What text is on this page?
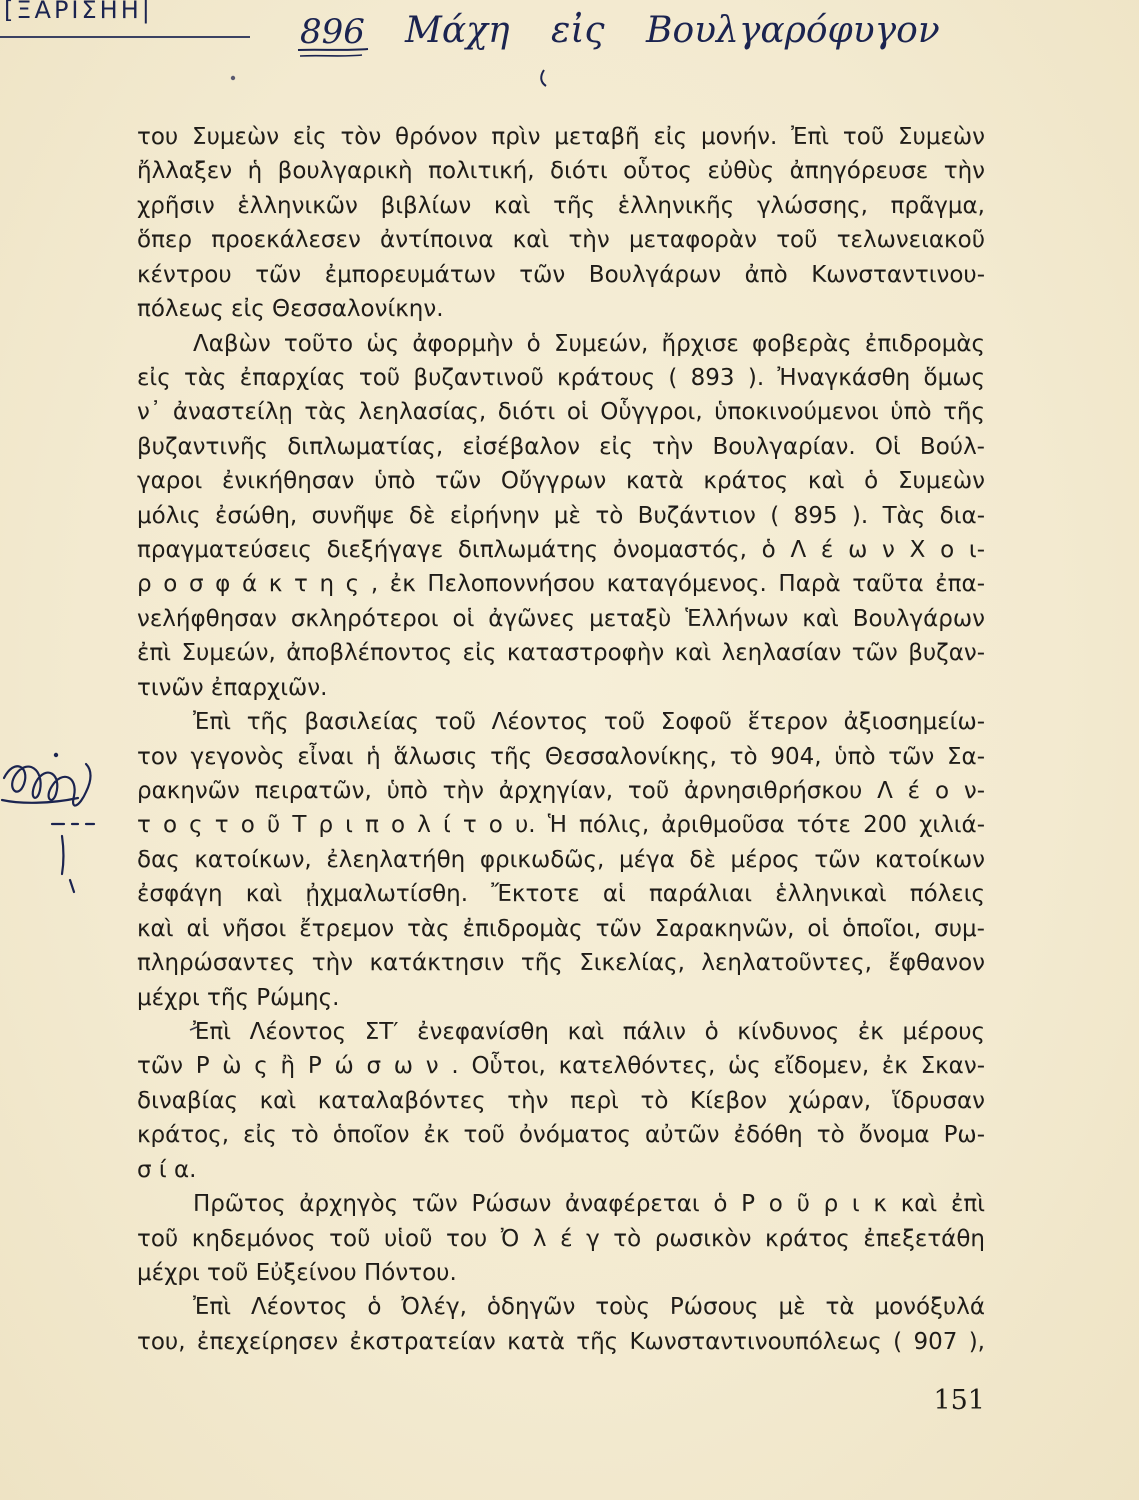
[ΞΑΡΙΣΗΗ|
896 Μάχη εἰς Βουλγαρόφυγον
του Συμεὼν εἰς τὸν θρόνον πρὶν μεταβῆ εἰς μονήν. Ἐπὶ τοῦ Συμεὼν
ἤλλαξεν ἡ βουλγαρικὴ πολιτική, διότι οὗτος εὐθὺς ἀπηγόρευσε τὴν
χρῆσιν ἑλληνικῶν βιβλίων καὶ τῆς ἑλληνικῆς γλώσσης, πρᾶγμα,
ὅπερ προεκάλεσεν ἀντίποινα καὶ τὴν μεταφορὰν τοῦ τελωνειακοῦ
κέντρου τῶν ἐμπορευμάτων τῶν Βουλγάρων ἀπὸ Κωνσταντινου-
πόλεως εἰς Θεσσαλονίκην.
Λαβὼν τοῦτο ὡς ἀφορμὴν ὁ Συμεών, ἤρχισε φοβερὰς ἐπιδρομὰς
εἰς τὰς ἐπαρχίας τοῦ βυζαντινοῦ κράτους ( 893 ). Ἠναγκάσθη ὅμως
ν᾿ ἀναστείλῃ τὰς λεηλασίας, διότι οἱ Οὗγγροι, ὑποκινούμενοι ὑπὸ τῆς
βυζαντινῆς διπλωματίας, εἰσέβαλον εἰς τὴν Βουλγαρίαν. Οἱ Βούλ-
γαροι ἐνικήθησαν ὑπὸ τῶν Οὔγγρων κατὰ κράτος καὶ ὁ Συμεὼν
μόλις ἐσώθη, συνῆψε δὲ εἰρήνην μὲ τὸ Βυζάντιον ( 895 ). Τὰς δια-
πραγματεύσεις διεξήγαγε διπλωμάτης ὀνομαστός, ὁ Λ έ ω ν Χ ο ι-
ρ ο σ φ ά κ τ η ς , ἐκ Πελοποννήσου καταγόμενος. Παρὰ ταῦτα ἐπα-
νελήφθησαν σκληρότεροι οἱ ἀγῶνες μεταξὺ Ἑλλήνων καὶ Βουλγάρων
ἐπὶ Συμεών, ἀποβλέποντος εἰς καταστροφὴν καὶ λεηλασίαν τῶν βυζαν-
τινῶν ἐπαρχιῶν.
Ἐπὶ τῆς βασιλείας τοῦ Λέοντος τοῦ Σοφοῦ ἕτερον ἀξιοσημείω-
τον γεγονὸς εἶναι ἡ ἅλωσις τῆς Θεσσαλονίκης, τὸ 904, ὑπὸ τῶν Σα-
ρακηνῶν πειρατῶν, ὑπὸ τὴν ἀρχηγίαν, τοῦ ἀρνησιθρήσκου Λ έ ο ν-
τ ο ς τ ο ῦ Τ ρ ι π ο λ ί τ ο υ. Ἡ πόλις, ἀριθμοῦσα τότε 200 χιλιά-
δας κατοίκων, ἐλεηλατήθη φρικωδῶς, μέγα δὲ μέρος τῶν κατοίκων
ἐσφάγη καὶ ᾐχμαλωτίσθη. Ἔκτοτε αἱ παράλιαι ἑλληνικαὶ πόλεις
καὶ αἱ νῆσοι ἔτρεμον τὰς ἐπιδρομὰς τῶν Σαρακηνῶν, οἱ ὁποῖοι, συμ-
πληρώσαντες τὴν κατάκτησιν τῆς Σικελίας, λεηλατοῦντες, ἔφθανον
μέχρι τῆς Ρώμης.
Ἐπὶ Λέοντος ΣΤ′ ἐνεφανίσθη καὶ πάλιν ὁ κίνδυνος ἐκ μέρους
τῶν Ρ ὼ ς ἢ Ρ ώ σ ω ν . Οὗτοι, κατελθόντες, ὡς εἴδομεν, ἐκ Σκαν-
διναβίας καὶ καταλαβόντες τὴν περὶ τὸ Κίεβον χώραν, ἵδρυσαν
κράτος, εἰς τὸ ὁποῖον ἐκ τοῦ ὀνόματος αὐτῶν ἐδόθη τὸ ὄνομα Ρω-
σ ί α.
Πρῶτος ἀρχηγὸς τῶν Ρώσων ἀναφέρεται ὁ Ρ ο ῦ ρ ι κ καὶ ἐπὶ
τοῦ κηδεμόνος τοῦ υἱοῦ του Ὀ λ έ γ τὸ ρωσικὸν κράτος ἐπεξετάθη
μέχρι τοῦ Εὐξείνου Πόντου.
Ἐπὶ Λέοντος ὁ Ὀλέγ, ὁδηγῶν τοὺς Ρώσους μὲ τὰ μονόξυλά
του, ἐπεχείρησεν ἐκστρατείαν κατὰ τῆς Κωνσταντινουπόλεως ( 907 ),
151
